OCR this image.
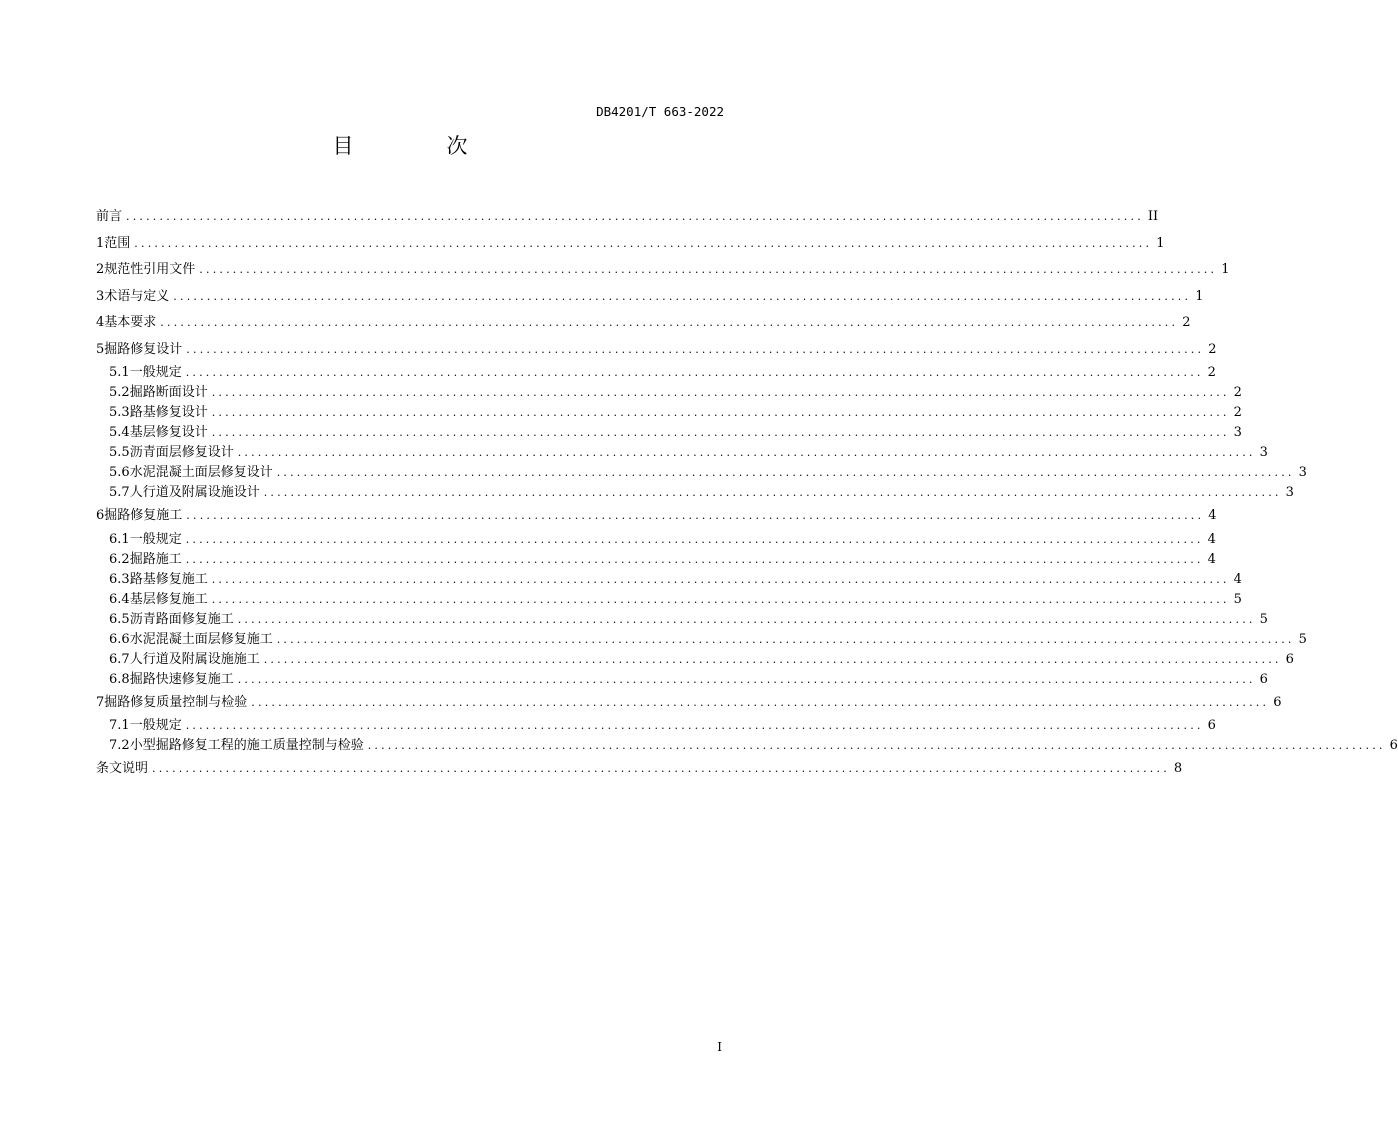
DB4201/T 663-2022
目　次
前言 ........................................................................................................................................................ II
1 范围 ........................................................................................................................................................ 1
2 规范性引用文件 ........................................................................................................................................................ 1
3 术语与定义 ........................................................................................................................................................ 1
4 基本要求 ........................................................................................................................................................ 2
5 掘路修复设计 ........................................................................................................................................................ 2
5.1 一般规定 ........................................................................................................................................................ 2
5.2 掘路断面设计 ........................................................................................................................................................ 2
5.3 路基修复设计 ........................................................................................................................................................ 2
5.4 基层修复设计 ........................................................................................................................................................ 3
5.5 沥青面层修复设计 ........................................................................................................................................................ 3
5.6 水泥混凝土面层修复设计 ........................................................................................................................................................ 3
5.7 人行道及附属设施设计 ........................................................................................................................................................ 3
6 掘路修复施工 ........................................................................................................................................................ 4
6.1 一般规定 ........................................................................................................................................................ 4
6.2 掘路施工 ........................................................................................................................................................ 4
6.3 路基修复施工 ........................................................................................................................................................ 4
6.4 基层修复施工 ........................................................................................................................................................ 5
6.5 沥青路面修复施工 ........................................................................................................................................................ 5
6.6 水泥混凝土面层修复施工 ........................................................................................................................................................ 5
6.7 人行道及附属设施施工 ........................................................................................................................................................ 6
6.8 掘路快速修复施工 ........................................................................................................................................................ 6
7 掘路修复质量控制与检验 ........................................................................................................................................................ 6
7.1 一般规定 ........................................................................................................................................................ 6
7.2 小型掘路修复工程的施工质量控制与检验 ........................................................................................................................................................ 6
条文说明 ........................................................................................................................................................ 8
I
